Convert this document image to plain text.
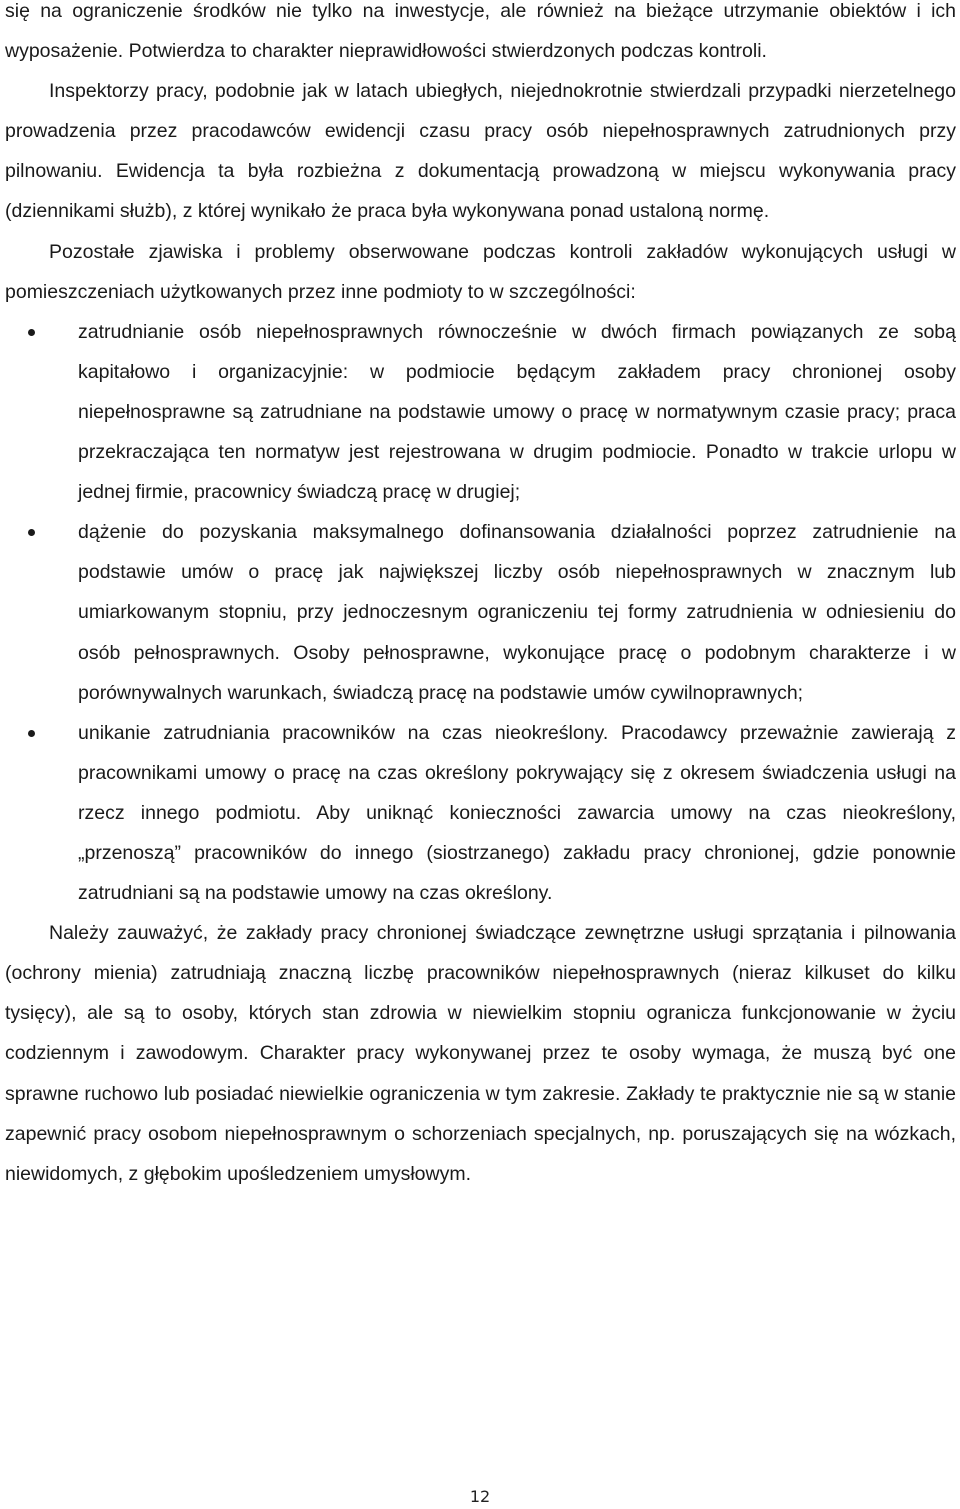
się na ograniczenie środków nie tylko na inwestycje, ale również na bieżące utrzymanie obiektów i ich wyposażenie. Potwierdza to charakter nieprawidłowości stwierdzonych podczas kontroli.

Inspektorzy pracy, podobnie jak w latach ubiegłych, niejednokrotnie stwierdzali przypadki nierzetelnego prowadzenia przez pracodawców ewidencji czasu pracy osób niepełnosprawnych zatrudnionych przy pilnowaniu. Ewidencja ta była rozbieżna z dokumentacją prowadzoną w miejscu wykonywania pracy (dziennikami służb), z której wynikało że praca była wykonywana ponad ustaloną normę.

Pozostałe zjawiska i problemy obserwowane podczas kontroli zakładów wykonujących usługi w pomieszczeniach użytkowanych przez inne podmioty to w szczególności:

zatrudnianie osób niepełnosprawnych równocześnie w dwóch firmach powiązanych ze sobą kapitałowo i organizacyjnie: w podmiocie będącym zakładem pracy chronionej osoby niepełnosprawne są zatrudniane na podstawie umowy o pracę w normatywnym czasie pracy; praca przekraczająca ten normatyw jest rejestrowana w drugim podmiocie. Ponadto w trakcie urlopu w jednej firmie, pracownicy świadczą pracę w drugiej;

dążenie do pozyskania maksymalnego dofinansowania działalności poprzez zatrudnienie na podstawie umów o pracę jak największej liczby osób niepełnosprawnych w znacznym lub umiarkowanym stopniu, przy jednoczesnym ograniczeniu tej formy zatrudnienia w odniesieniu do osób pełnosprawnych. Osoby pełnosprawne, wykonujące pracę o podobnym charakterze i w porównywalnych warunkach, świadczą pracę na podstawie umów cywilnoprawnych;

unikanie zatrudniania pracowników na czas nieokreślony. Pracodawcy przeważnie zawierają z pracownikami umowy o pracę na czas określony pokrywający się z okresem świadczenia usługi na rzecz innego podmiotu. Aby uniknąć konieczności zawarcia umowy na czas nieokreślony, „przenoszą” pracowników do innego (siostrzanego) zakładu pracy chronionej, gdzie ponownie zatrudniani są na podstawie umowy na czas określony.

Należy zauważyć, że zakłady pracy chronionej świadczące zewnętrzne usługi sprzątania i pilnowania (ochrony mienia) zatrudniają znaczną liczbę pracowników niepełnosprawnych (nieraz kilkuset do kilku tysięcy), ale są to osoby, których stan zdrowia w niewielkim stopniu ogranicza funkcjonowanie w życiu codziennym i zawodowym. Charakter pracy wykonywanej przez te osoby wymaga, że muszą być one sprawne ruchowo lub posiadać niewielkie ograniczenia w tym zakresie. Zakłady te praktycznie nie są w stanie zapewnić pracy osobom niepełnosprawnym o schorzeniach specjalnych, np. poruszających się na wózkach, niewidomych, z głębokim upośledzeniem umysłowym.

12
